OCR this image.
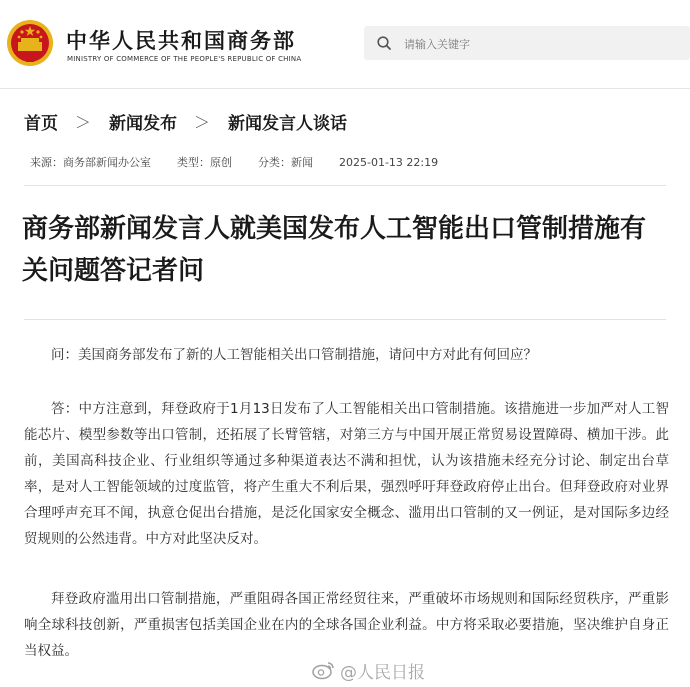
中华人民共和国商务部
MINISTRY OF COMMERCE OF THE PEOPLE'S REPUBLIC OF CHINA
请输入关键字
首页 ＞ 新闻发布 ＞ 新闻发言人谈话
来源：商务部新闻办公室 类型：原创 分类：新闻 2025-01-13 22:19
商务部新闻发言人就美国发布人工智能出口管制措施有关问题答记者问

问：美国商务部发布了新的人工智能相关出口管制措施，请问中方对此有何回应？

答：中方注意到，拜登政府于1月13日发布了人工智能相关出口管制措施。该措施进一步加严对人工智能芯片、模型参数等出口管制，还拓展了长臂管辖，对第三方与中国开展正常贸易设置障碍、横加干涉。此前，美国高科技企业、行业组织等通过多种渠道表达不满和担忧，认为该措施未经充分讨论、制定出台草率，是对人工智能领域的过度监管，将产生重大不利后果，强烈呼吁拜登政府停止出台。但拜登政府对业界合理呼声充耳不闻，执意仓促出台措施，是泛化国家安全概念、滥用出口管制的又一例证，是对国际多边经贸规则的公然违背。中方对此坚决反对。

拜登政府滥用出口管制措施，严重阻碍各国正常经贸往来，严重破坏市场规则和国际经贸秩序，严重影响全球科技创新，严重损害包括美国企业在内的全球各国企业利益。中方将采取必要措施，坚决维护自身正当权益。

@人民日报
